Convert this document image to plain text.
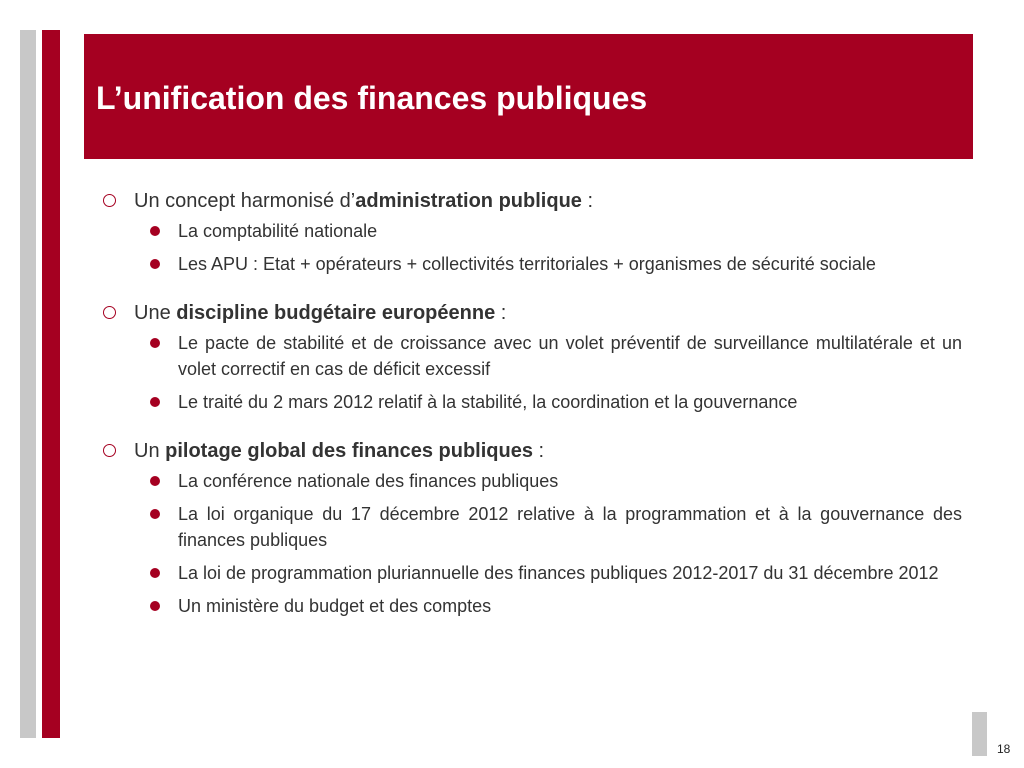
L’unification des finances publiques
Un concept harmonisé d’administration publique :
La comptabilité nationale
Les APU : Etat + opérateurs + collectivités territoriales + organismes de sécurité sociale
Une discipline budgétaire européenne :
Le pacte de stabilité et de croissance avec un volet préventif de surveillance multilatérale et un volet correctif en cas de déficit excessif
Le traité du 2 mars 2012 relatif à la stabilité, la coordination et la gouvernance
Un pilotage global des finances publiques :
La conférence nationale des finances publiques
La loi organique du 17 décembre 2012 relative à la programmation et à la gouvernance des finances publiques
La loi de programmation pluriannuelle des finances publiques 2012-2017 du 31 décembre 2012
Un ministère du budget et des comptes
18
